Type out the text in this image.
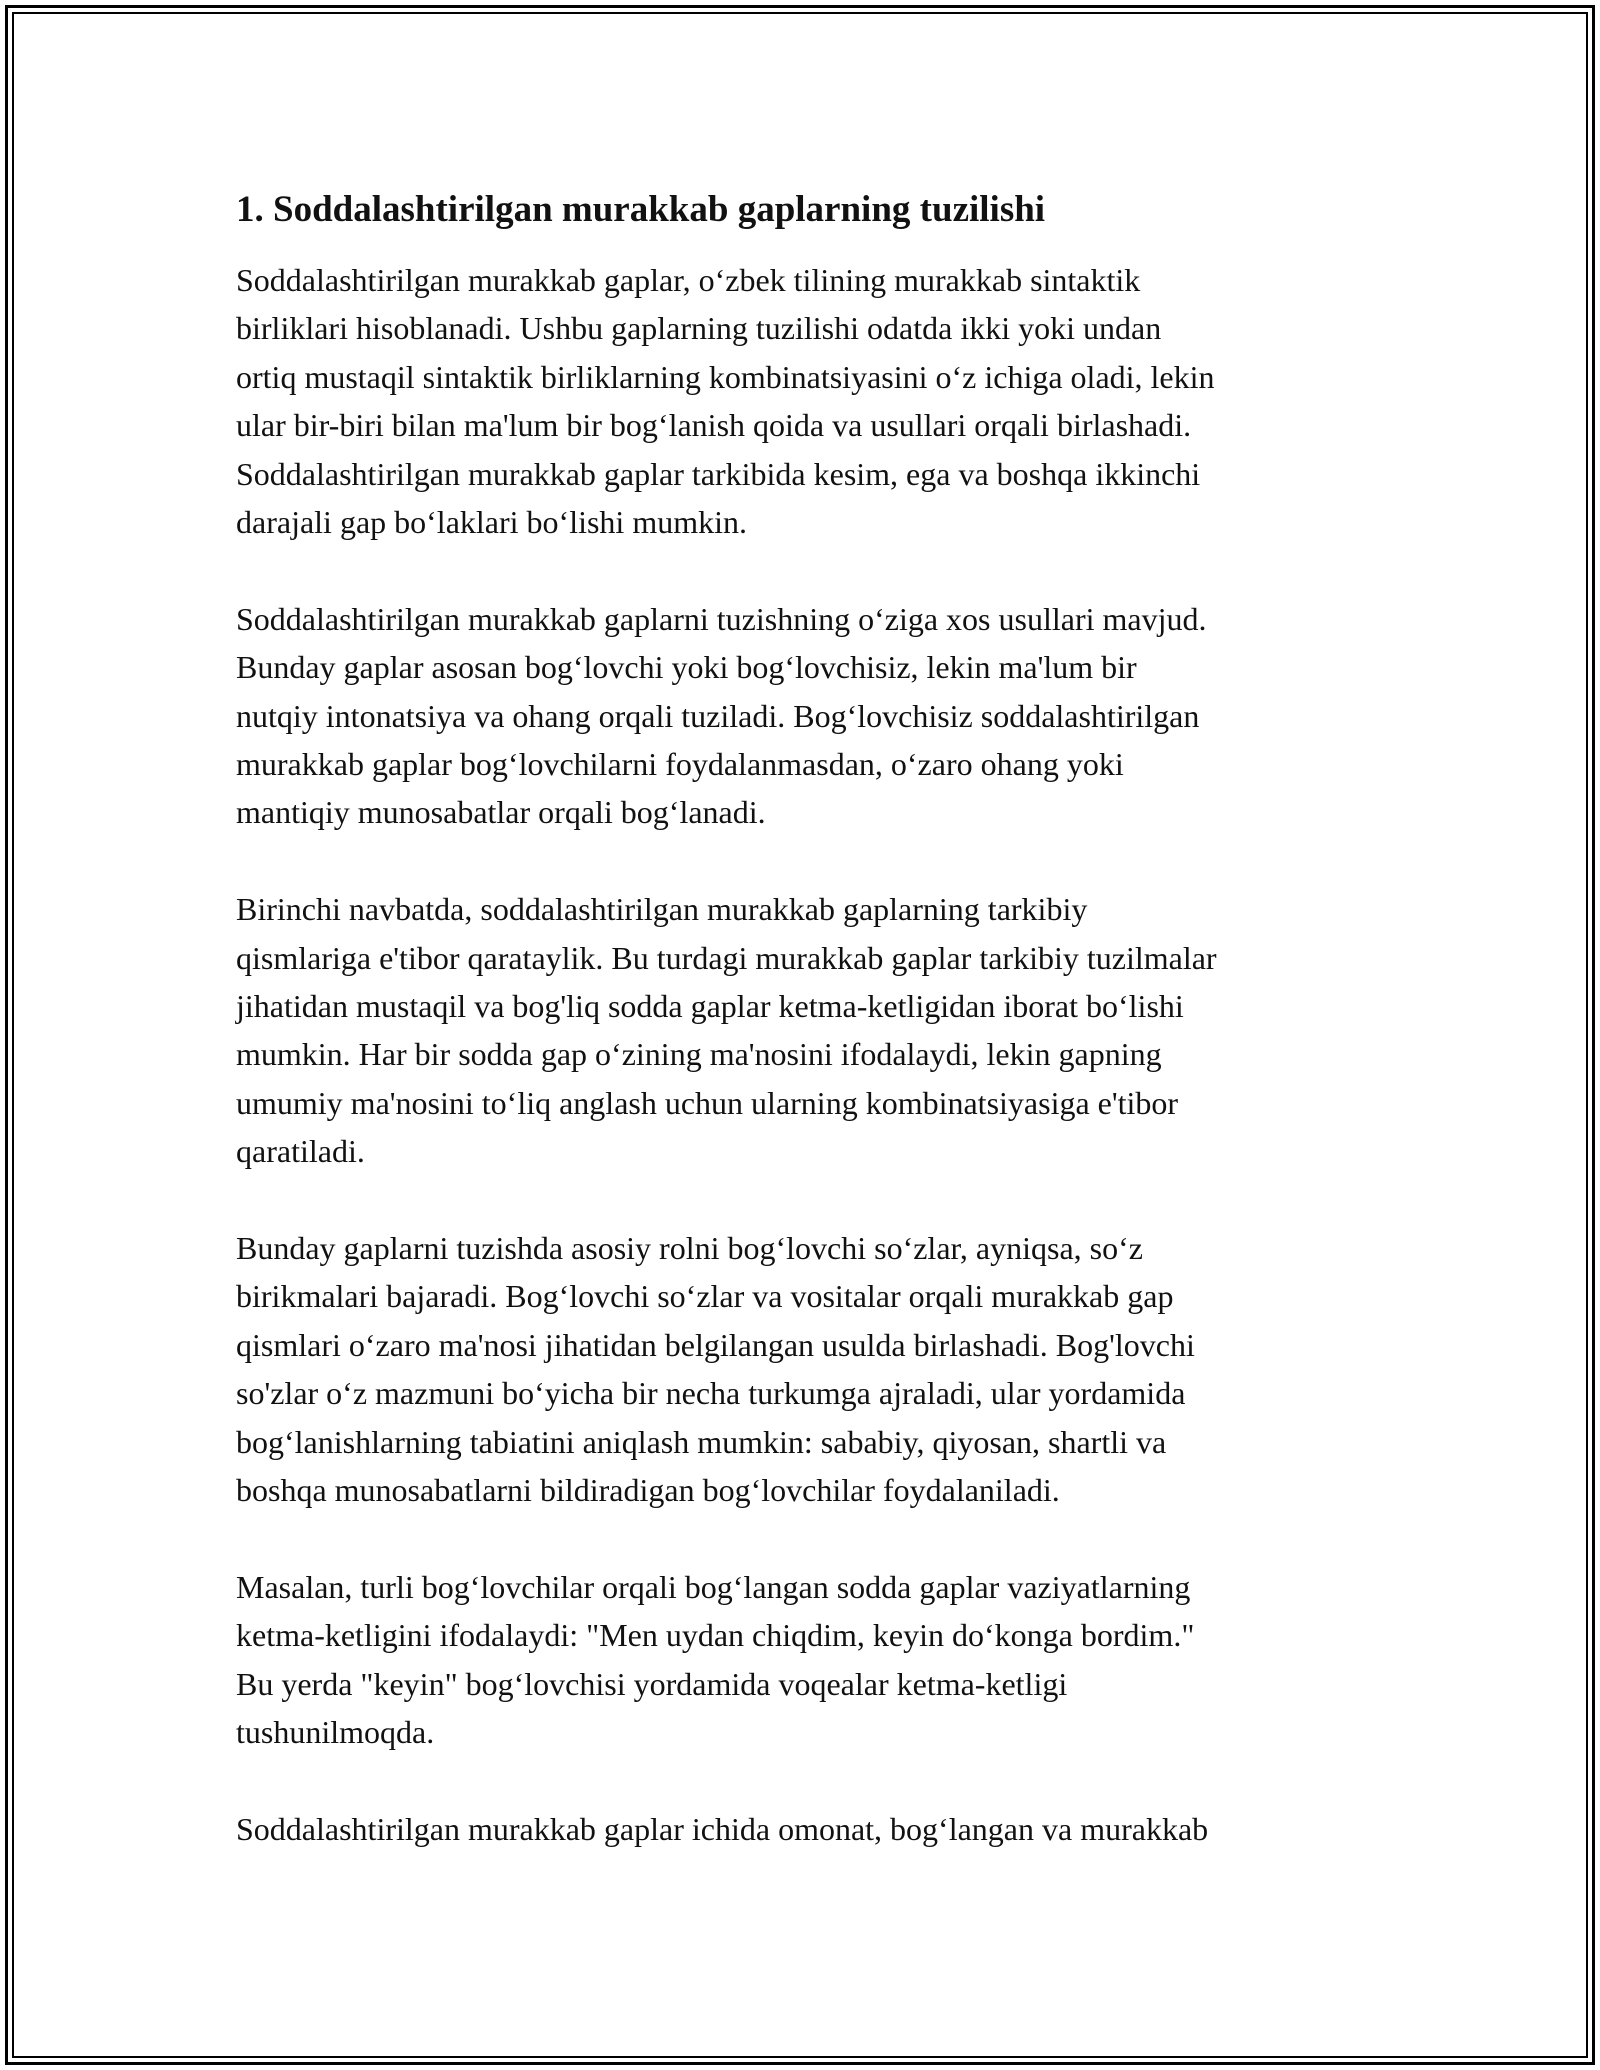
1. Soddalashtirilgan murakkab gaplarning tuzilishi

Soddalashtirilgan murakkab gaplar, oʻzbek tilining murakkab sintaktik
birliklari hisoblanadi. Ushbu gaplarning tuzilishi odatda ikki yoki undan
ortiq mustaqil sintaktik birliklarning kombinatsiyasini oʻz ichiga oladi, lekin
ular bir-biri bilan ma'lum bir bogʻlanish qoida va usullari orqali birlashadi.
Soddalashtirilgan murakkab gaplar tarkibida kesim, ega va boshqa ikkinchi
darajali gap boʻlaklari boʻlishi mumkin.

Soddalashtirilgan murakkab gaplarni tuzishning oʻziga xos usullari mavjud.
Bunday gaplar asosan bogʻlovchi yoki bogʻlovchisiz, lekin ma'lum bir
nutqiy intonatsiya va ohang orqali tuziladi. Bogʻlovchisiz soddalashtirilgan
murakkab gaplar bogʻlovchilarni foydalanmasdan, oʻzaro ohang yoki
mantiqiy munosabatlar orqali bogʻlanadi.

Birinchi navbatda, soddalashtirilgan murakkab gaplarning tarkibiy
qismlariga e'tibor qarataylik. Bu turdagi murakkab gaplar tarkibiy tuzilmalar
jihatidan mustaqil va bog'liq sodda gaplar ketma-ketligidan iborat boʻlishi
mumkin. Har bir sodda gap oʻzining ma'nosini ifodalaydi, lekin gapning
umumiy ma'nosini toʻliq anglash uchun ularning kombinatsiyasiga e'tibor
qaratiladi.

Bunday gaplarni tuzishda asosiy rolni bogʻlovchi soʻzlar, ayniqsa, soʻz
birikmalari bajaradi. Bogʻlovchi soʻzlar va vositalar orqali murakkab gap
qismlari oʻzaro ma'nosi jihatidan belgilangan usulda birlashadi. Bog'lovchi
so'zlar oʻz mazmuni boʻyicha bir necha turkumga ajraladi, ular yordamida
bogʻlanishlarning tabiatini aniqlash mumkin: sababiy, qiyosan, shartli va
boshqa munosabatlarni bildiradigan bogʻlovchilar foydalaniladi.

Masalan, turli bogʻlovchilar orqali bogʻlangan sodda gaplar vaziyatlarning
ketma-ketligini ifodalaydi: "Men uydan chiqdim, keyin doʻkonga bordim."
Bu yerda "keyin" bogʻlovchisi yordamida voqealar ketma-ketligi
tushunilmoqda.

Soddalashtirilgan murakkab gaplar ichida omonat, bogʻlangan va murakkab
